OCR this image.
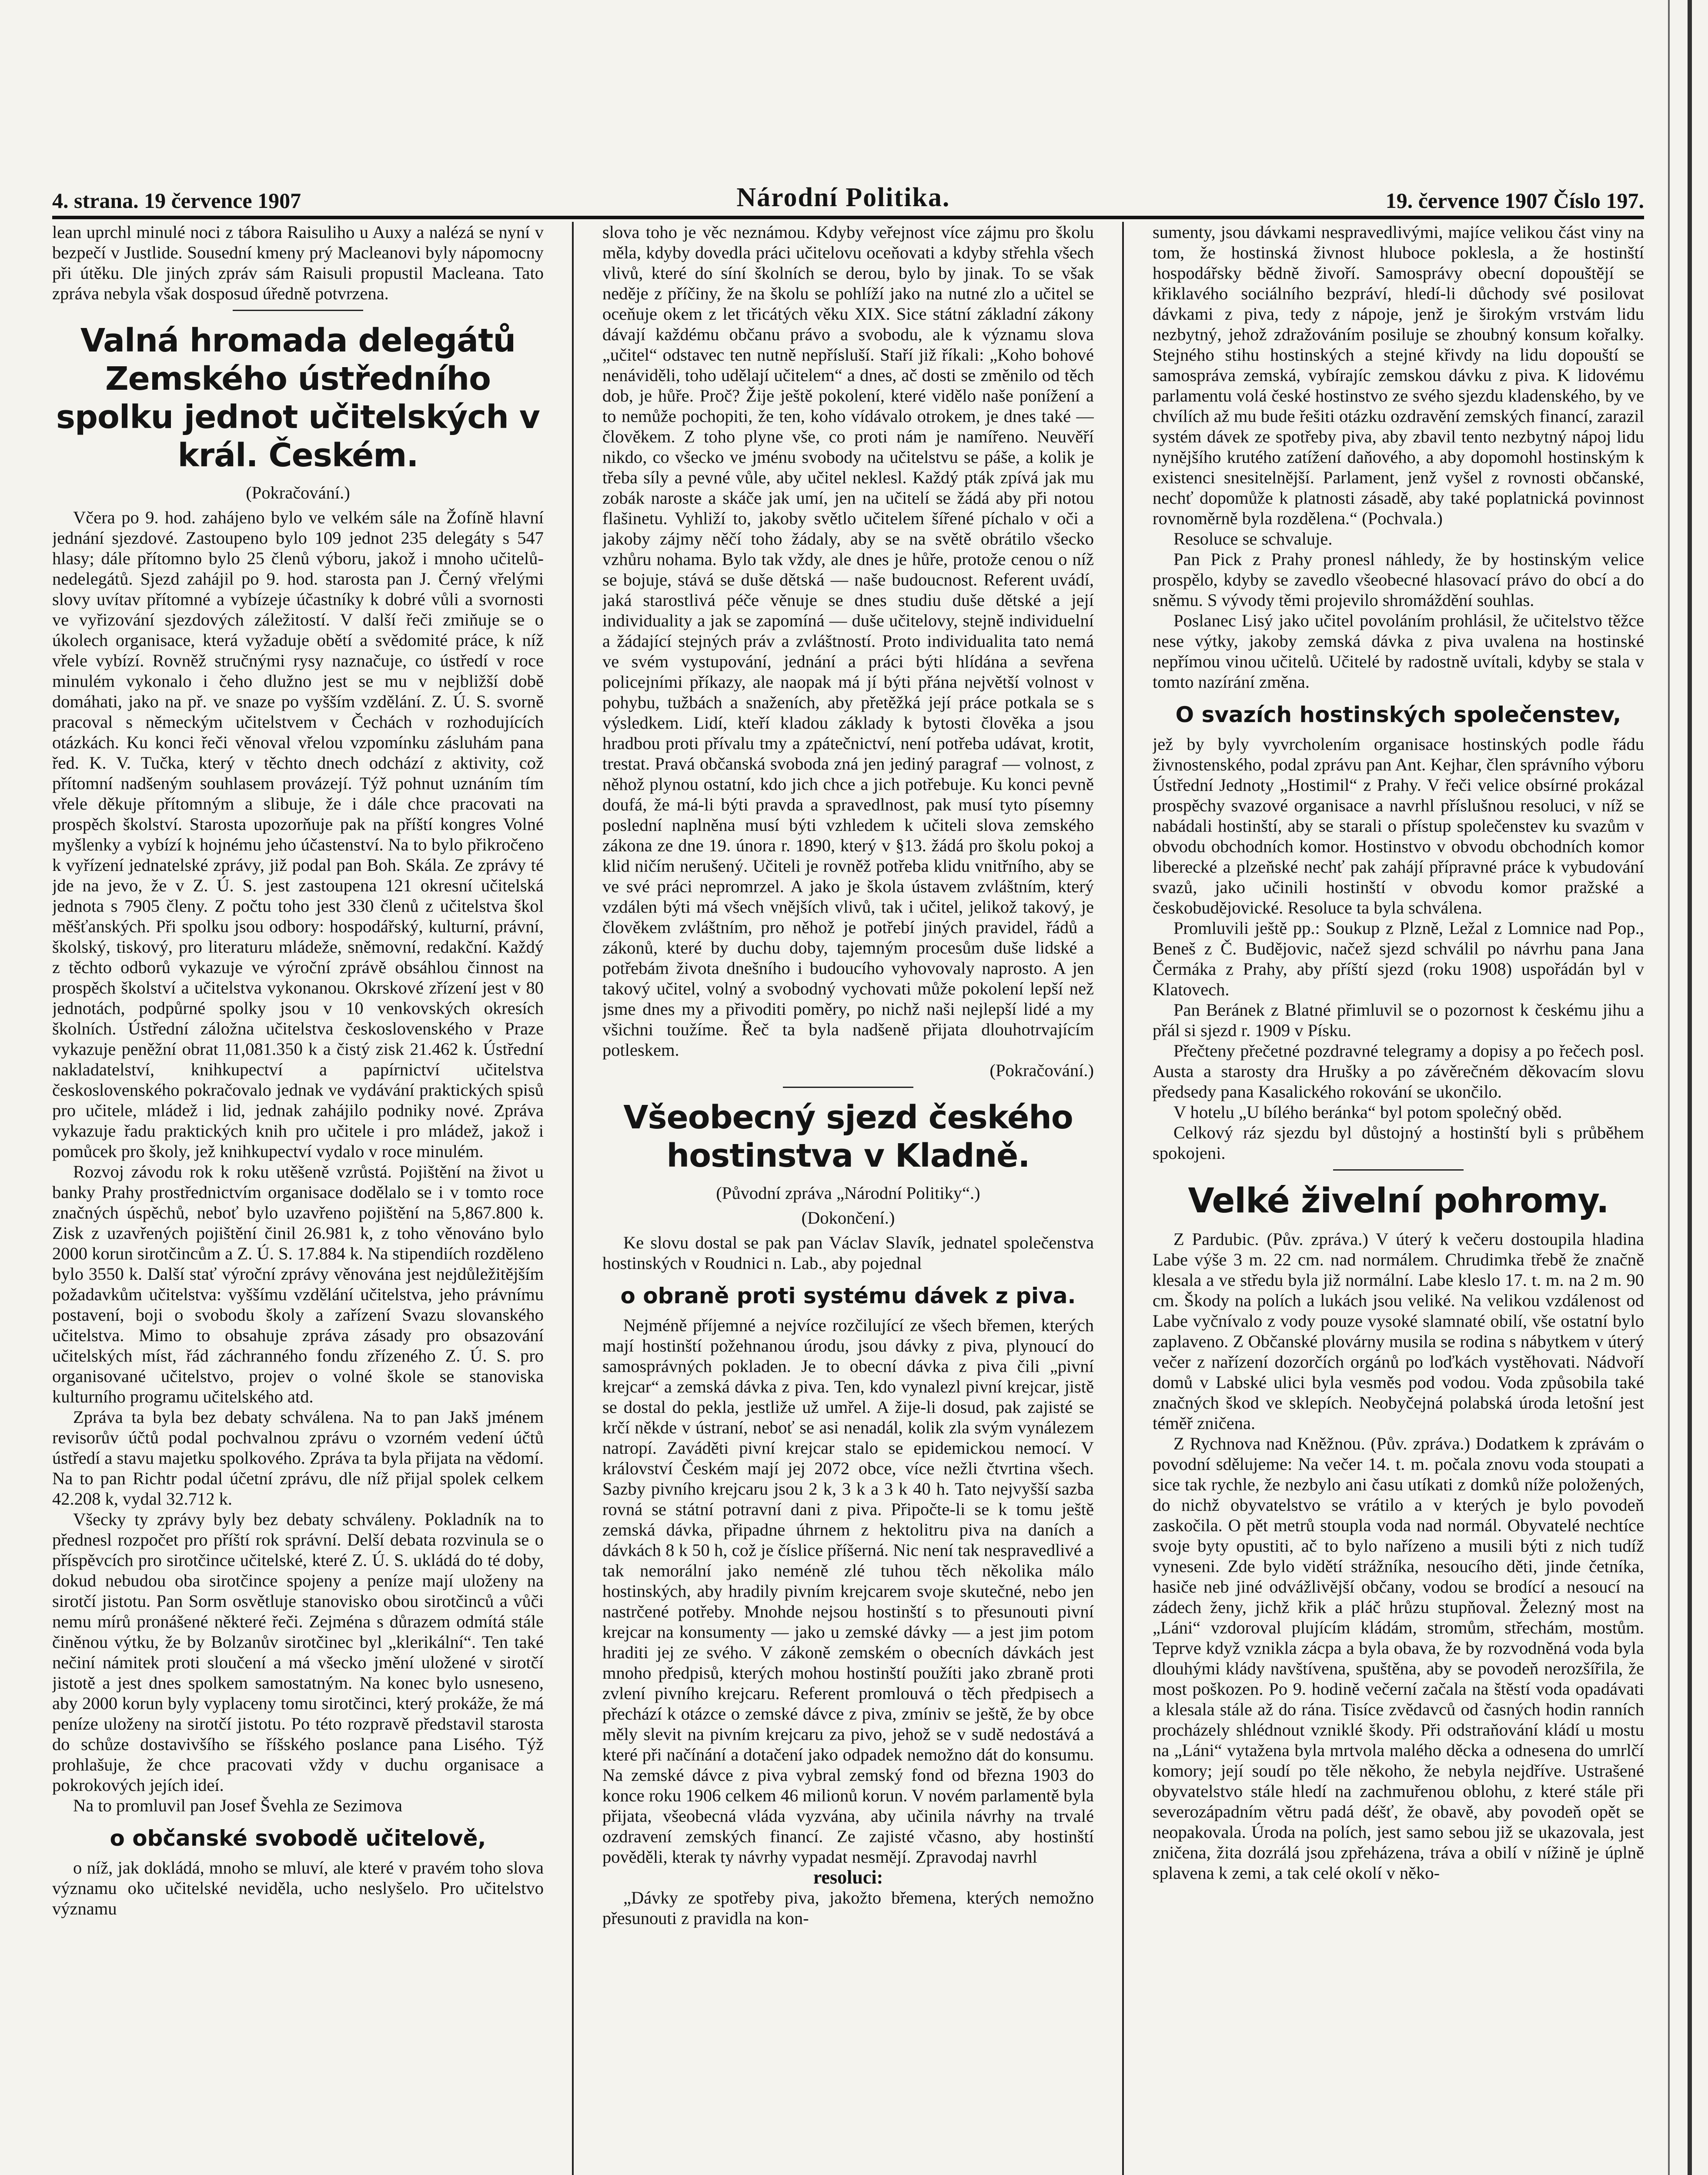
4. strana. 19 července 1907	Národní Politika.	19. července 1907 Číslo 197.

lean uprchl minulé noci z tábora Raisuliho u Auxy a nalézá se nyní v bezpečí v Justlide. Sousední kmeny prý Macleanovi byly nápomocny při útěku. Dle jiných zpráv sám Raisuli propustil Macleana. Tato zpráva nebyla však dosposud úředně potvrzena.

Valná hromada delegátů Zemského ústředního spolku jednot učitelských v král. Českém.
(Pokračování.)

Včera po 9. hod. zahájeno bylo ve velkém sále na Žofíně hlavní jednání sjezdové. Zastoupeno bylo 109 jednot 235 delegáty s 547 hlasy; dále přítomno bylo 25 členů výboru, jakož i mnoho učitelů-nedelegátů. Sjezd zahájil po 9. hod. starosta pan J. Černý vřelými slovy uvítav přítomné a vybízeje účastníky k dobré vůli a svornosti ve vyřizování sjezdových záležitostí. V další řeči zmiňuje se o úkolech organisace, která vyžaduje obětí a svědomité práce, k níž vřele vybízí. Rovněž stručnými rysy naznačuje, co ústředí v roce minulém vykonalo i čeho dlužno jest se mu v nejbližší době domáhati, jako na př. ve snaze po vyšším vzdělání. Z. Ú. S. svorně pracoval s německým učitelstvem v Čechách v rozhodujících otázkách. Ku konci řeči věnoval vřelou vzpomínku zásluhám pana řed. K. V. Tučka, který v těchto dnech odchází z aktivity, což přítomní nadšeným souhlasem provázejí. Týž pohnut uznáním tím vřele děkuje přítomným a slibuje, že i dále chce pracovati na prospěch školství. Starosta upozorňuje pak na příští kongres Volné myšlenky a vybízí k hojnému jeho účastenství. Na to bylo přikročeno k vyřízení jednatelské zprávy, již podal pan Boh. Skála. Ze zprávy té jde na jevo, že v Z. Ú. S. jest zastoupena 121 okresní učitelská jednota s 7905 členy. Z počtu toho jest 330 členů z učitelstva škol měšťanských. Při spolku jsou odbory: hospodářský, kulturní, právní, školský, tiskový, pro literaturu mládeže, sněmovní, redakční. Každý z těchto odborů vykazuje ve výroční zprávě obsáhlou činnost na prospěch školství a učitelstva vykonanou. Okrskové zřízení jest v 80 jednotách, podpůrné spolky jsou v 10 venkovských okresích školních. Ústřední záložna učitelstva československého v Praze vykazuje peněžní obrat 11,081.350 k a čistý zisk 21.462 k. Ústřední nakladatelství, knihkupectví a papírnictví učitelstva československého pokračovalo jednak ve vydávání praktických spisů pro učitele, mládež i lid, jednak zahájilo podniky nové. Zpráva vykazuje řadu praktických knih pro učitele i pro mládež, jakož i pomůcek pro školy, jež knihkupectví vydalo v roce minulém.

Rozvoj závodu rok k roku utěšeně vzrůstá. Pojištění na život u banky Prahy prostřednictvím organisace dodělalo se i v tomto roce značných úspěchů, neboť bylo uzavřeno pojištění na 5,867.800 k. Zisk z uzavřených pojištění činil 26.981 k, z toho věnováno bylo 2000 korun sirotčincům a Z. Ú. S. 17.884 k. Na stipendiích rozděleno bylo 3550 k. Další stať výroční zprávy věnována jest nejdůležitějším požadavkům učitelstva: vyššímu vzdělání učitelstva, jeho právnímu postavení, boji o svobodu školy a zařízení Svazu slovanského učitelstva. Mimo to obsahuje zpráva zásady pro obsazování učitelských míst, řád záchranného fondu zřízeného Z. Ú. S. pro organisované učitelstvo, projev o volné škole se stanoviska kulturního programu učitelského atd.

Zpráva ta byla bez debaty schválena. Na to pan Jakš jménem revisorův účtů podal pochvalnou zprávu o vzorném vedení účtů ústředí a stavu majetku spolkového. Zpráva ta byla přijata na vědomí. Na to pan Richtr podal účetní zprávu, dle níž přijal spolek celkem 42.208 k, vydal 32.712 k.

Všecky ty zprávy byly bez debaty schváleny. Pokladník na to přednesl rozpočet pro příští rok správní. Delší debata rozvinula se o příspěvcích pro sirotčince učitelské, které Z. Ú. S. ukládá do té doby, dokud nebudou oba sirotčince spojeny a peníze mají uloženy na sirotčí jistotu. Pan Sorm osvětluje stanovisko obou sirotčinců a vůči nemu mírů pronášené některé řeči. Zejména s důrazem odmítá stále činěnou výtku, že by Bolzanův sirotčinec byl „klerikální“. Ten také nečiní námitek proti sloučení a má všecko jmění uložené v sirotčí jistotě a jest dnes spolkem samostatným. Na konec bylo usneseno, aby 2000 korun byly vyplaceny tomu sirotčinci, který prokáže, že má peníze uloženy na sirotčí jistotu. Po této rozpravě představil starosta do schůze dostavivšího se říšského poslance pana Lisého. Týž prohlašuje, že chce pracovati vždy v duchu organisace a pokrokových jejích ideí.

Na to promluvil pan Josef Švehla ze Sezimova

o občanské svobodě učitelově,

o níž, jak dokládá, mnoho se mluví, ale které v pravém toho slova významu oko učitelské neviděla, ucho neslyšelo. Pro učitelstvo významu

slova toho je věc neznámou. Kdyby veřejnost více zájmu pro školu měla, kdyby dovedla práci učitelovu oceňovati a kdyby střehla všech vlivů, které do síní školních se derou, bylo by jinak. To se však neděje z příčiny, že na školu se pohlíží jako na nutné zlo a učitel se oceňuje okem z let třicátých věku XIX. Sice státní základní zákony dávají každému občanu právo a svobodu, ale k významu slova „učitel“ odstavec ten nutně nepřísluší. Staří již říkali: „Koho bohové nenáviděli, toho udělají učitelem“ a dnes, ač dosti se změnilo od těch dob, je hůře. Proč? Žije ještě pokolení, které vidělo naše ponížení a to nemůže pochopiti, že ten, koho vídávalo otrokem, je dnes také — člověkem. Z toho plyne vše, co proti nám je namířeno. Neuvěří nikdo, co všecko ve jménu svobody na učitelstvu se páše, a kolik je třeba síly a pevné vůle, aby učitel neklesl. Každý pták zpívá jak mu zobák naroste a skáče jak umí, jen na učitelí se žádá aby při notou flašinetu. Vyhliží to, jakoby světlo učitelem šířené píchalo v oči a jakoby zájmy něčí toho žádaly, aby se na světě obrátilo všecko vzhůru nohama. Bylo tak vždy, ale dnes je hůře, protože cenou o níž se bojuje, stává se duše dětská — naše budoucnost. Referent uvádí, jaká starostlivá péče věnuje se dnes studiu duše dětské a její individuality a jak se zapomíná — duše učitelovy, stejně individuelní a žádající stejných práv a zvláštností. Proto individualita tato nemá ve svém vystupování, jednání a práci býti hlídána a sevřena policejními příkazy, ale naopak má jí býti přána největší volnost v pohybu, tužbách a snaženích, aby přetěžká její práce potkala se s výsledkem. Lidí, kteří kladou základy k bytosti člověka a jsou hradbou proti přívalu tmy a zpátečnictví, není potřeba udávat, krotit, trestat. Pravá občanská svoboda zná jen jediný paragraf — volnost, z něhož plynou ostatní, kdo jich chce a jich potřebuje. Ku konci pevně doufá, že má-li býti pravda a spravedlnost, pak musí tyto písemny poslední naplněna musí býti vzhledem k učiteli slova zemského zákona ze dne 19. února r. 1890, který v §13. žádá pro školu pokoj a klid ničím nerušený. Učiteli je rovněž potřeba klidu vnitřního, aby se ve své práci nepromrzel. A jako je škola ústavem zvláštním, který vzdálen býti má všech vnějších vlivů, tak i učitel, jelikož takový, je člověkem zvláštním, pro něhož je potřebí jiných pravidel, řádů a zákonů, které by duchu doby, tajemným procesům duše lidské a potřebám života dnešního i budoucího vyhovovaly naprosto. A jen takový učitel, volný a svobodný vychovati může pokolení lepší než jsme dnes my a přivoditi poměry, po nichž naši nejlepší lidé a my všichni toužíme. Řeč ta byla nadšeně přijata dlouhotrvajícím potleskem.

(Pokračování.)
Všeobecný sjezd českého hostinstva v Kladně.
(Původní zpráva „Národní Politiky“.)
(Dokončení.)

Ke slovu dostal se pak pan Václav Slavík, jednatel společenstva hostinských v Roudnici n. Lab., aby pojednal

o obraně proti systému dávek z piva.

Nejméně příjemné a nejvíce rozčilující ze všech břemen, kterých mají hostinští požehnanou úrodu, jsou dávky z piva, plynoucí do samosprávných pokladen. Je to obecní dávka z piva čili „pivní krejcar“ a zemská dávka z piva. Ten, kdo vynalezl pivní krejcar, jistě se dostal do pekla, jestliže už umřel. A žije-li dosud, pak zajisté se krčí někde v ústraní, neboť se asi nenadál, kolik zla svým vynálezem natropí. Zaváděti pivní krejcar stalo se epidemickou nemocí. V království Českém mají jej 2072 obce, více nežli čtvrtina všech. Sazby pivního krejcaru jsou 2 k, 3 k a 3 k 40 h. Tato nejvyšší sazba rovná se státní potravní dani z piva. Připočte-li se k tomu ještě zemská dávka, připadne úhrnem z hektolitru piva na daních a dávkách 8 k 50 h, což je číslice příšerná. Nic není tak nespravedlivé a tak nemorální jako neméně zlé tuhou těch několika málo hostinských, aby hradily pivním krejcarem svoje skutečné, nebo jen nastrčené potřeby. Mnohde nejsou hostinští s to přesunouti pivní krejcar na konsumenty — jako u zemské dávky — a jest jim potom hraditi jej ze svého. V zákoně zemském o obecních dávkách jest mnoho předpisů, kterých mohou hostinští použíti jako zbraně proti zvlení pivního krejcaru. Referent promlouvá o těch předpisech a přechází k otázce o zemské dávce z piva, zmíniv se ještě, že by obce měly slevit na pivním krejcaru za pivo, jehož se v sudě nedostává a které při načínání a dotačení jako odpadek nemožno dát do konsumu. Na zemské dávce z piva vybral zemský fond od března 1903 do konce roku 1906 celkem 46 milionů korun. V novém parlamentě byla přijata, všeobecná vláda vyzvána, aby učinila návrhy na trvalé ozdravení zemských financí. Ze zajisté včasno, aby hostinští pověděli, kterak ty návrhy vypadat nesmějí. Zpravodaj navrhl

resoluci:

„Dávky ze spotřeby piva, jakožto břemena, kterých nemožno přesunouti z pravidla na kon-

sumenty, jsou dávkami nespravedlivými, majíce velikou část viny na tom, že hostinská živnost hluboce poklesla, a že hostinští hospodářsky bědně živoří. Samosprávy obecní dopouštějí se křiklavého sociálního bezpráví, hledí-li důchody své posilovat dávkami z piva, tedy z nápoje, jenž je širokým vrstvám lidu nezbytný, jehož zdražováním posiluje se zhoubný konsum kořalky. Stejného stihu hostinských a stejné křivdy na lidu dopouští se samospráva zemská, vybírajíc zemskou dávku z piva. K lidovému parlamentu volá české hostinstvo ze svého sjezdu kladenského, by ve chvílích až mu bude řešiti otázku ozdravění zemských financí, zarazil systém dávek ze spotřeby piva, aby zbavil tento nezbytný nápoj lidu nynějšího krutého zatížení daňového, a aby dopomohl hostinským k existenci snesitelnější. Parlament, jenž vyšel z rovnosti občanské, nechť dopomůže k platnosti zásadě, aby také poplatnická povinnost rovnoměrně byla rozdělena.“ (Pochvala.)

Resoluce se schvaluje.

Pan Pick z Prahy pronesl náhledy, že by hostinským velice prospělo, kdyby se zavedlo všeobecné hlasovací právo do obcí a do sněmu. S vývody těmi projevilo shromáždění souhlas.

Poslanec Lisý jako učitel povoláním prohlásil, že učitelstvo těžce nese výtky, jakoby zemská dávka z piva uvalena na hostinské nepřímou vinou učitelů. Učitelé by radostně uvítali, kdyby se stala v tomto nazírání změna.

O svazích hostinských společenstev,

jež by byly vyvrcholením organisace hostinských podle řádu živnostenského, podal zprávu pan Ant. Kejhar, člen správního výboru Ústřední Jednoty „Hostimil“ z Prahy. V řeči velice obsírné prokázal prospěchy svazové organisace a navrhl příslušnou resoluci, v níž se nabádali hostinští, aby se starali o přístup společenstev ku svazům v obvodu obchodních komor. Hostinstvo v obvodu obchodních komor liberecké a plzeňské nechť pak zahájí přípravné práce k vybudování svazů, jako učinili hostinští v obvodu komor pražské a českobudějovické. Resoluce ta byla schválena.

Promluvili ještě pp.: Soukup z Plzně, Ležal z Lomnice nad Pop., Beneš z Č. Budějovic, načež sjezd schválil po návrhu pana Jana Čermáka z Prahy, aby příští sjezd (roku 1908) uspořádán byl v Klatovech.

Pan Beránek z Blatné přimluvil se o pozornost k českému jihu a přál si sjezd r. 1909 v Písku.

Přečteny přečetné pozdravné telegramy a dopisy a po řečech posl. Austa a starosty dra Hrušky a po závěrečném děkovacím slovu předsedy pana Kasalického rokování se ukončilo.

V hotelu „U bílého beránka“ byl potom společný oběd.

Celkový ráz sjezdu byl důstojný a hostinští byli s průběhem spokojeni.

Velké živelní pohromy.

Z Pardubic. (Pův. zpráva.) V úterý k večeru dostoupila hladina Labe výše 3 m. 22 cm. nad normálem. Chrudimka třebě že značně klesala a ve středu byla již normální. Labe kleslo 17. t. m. na 2 m. 90 cm. Škody na polích a lukách jsou veliké. Na velikou vzdálenost od Labe vyčnívalo z vody pouze vysoké slamnaté obilí, vše ostatní bylo zaplaveno. Z Občanské plovárny musila se rodina s nábytkem v úterý večer z nařízení dozorčích orgánů po loďkách vystěhovati. Nádvoří domů v Labské ulici byla vesměs pod vodou. Voda způsobila také značných škod ve sklepích. Neobyčejná polabská úroda letošní jest téměř zničena.

Z Rychnova nad Kněžnou. (Pův. zpráva.) Dodatkem k zprávám o povodní sdělujeme: Na večer 14. t. m. počala znovu voda stoupati a sice tak rychle, že nezbylo ani času utíkati z domků níže položených, do nichž obyvatelstvo se vrátilo a v kterých je bylo povodeň zaskočila. O pět metrů stoupla voda nad normál. Obyvatelé nechtíce svoje byty opustiti, ač to bylo nařízeno a musili býti z nich tudíž vyneseni. Zde bylo vidětí strážníka, nesoucího děti, jinde četníka, hasiče neb jiné odvážlivější občany, vodou se brodící a nesoucí na zádech ženy, jichž křik a pláč hrůzu stupňoval. Železný most na „Láni“ vzdoroval plujícím kládám, stromům, střechám, mostům. Teprve když vznikla zácpa a byla obava, že by rozvodněná voda byla dlouhými klády navštívena, spuštěna, aby se povodeň nerozšířila, že most poškozen. Po 9. hodině večerní začala na štěstí voda opadávati a klesala stále až do rána. Tisíce zvědavců od časných hodin ranních procházely shlédnout vzniklé škody. Při odstraňování kládí u mostu na „Láni“ vytažena byla mrtvola malého děcka a odnesena do umrlčí komory; její soudí po těle někoho, že nebyla nejdříve. Ustrašené obyvatelstvo stále hledí na zachmuřenou oblohu, z které stále při severozápadním větru padá déšť, že obavě, aby povodeň opět se neopakovala. Úroda na polích, jest samo sebou již se ukazovala, jest zničena, žita dozrálá jsou zpřeházena, tráva a obilí v nížině je úplně splavena k zemi, a tak celé okolí v něko-
